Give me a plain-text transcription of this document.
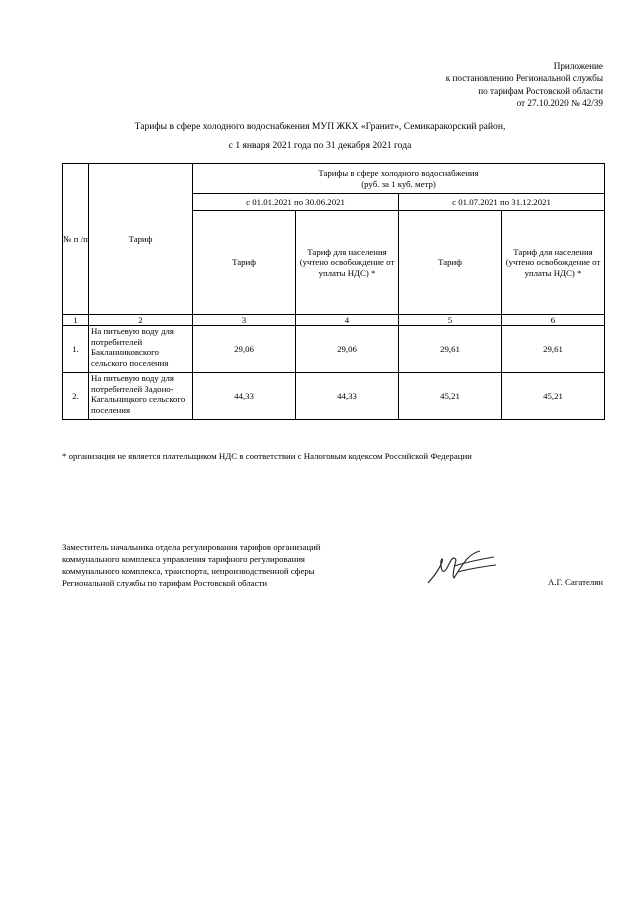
Приложение
к постановлению Региональной службы
по тарифам Ростовской области
от 27.10.2020 № 42/39
Тарифы в сфере холодного водоснабжения МУП ЖКХ «Гранит», Семикаракорский район,
с 1 января 2021 года по 31 декабря 2021 года
№ п /п	Тариф	Тарифы в сфере холодного водоснабжения
(руб. за 1 куб. метр)			

		с 01.01.2021 по 30.06.2021		с 01.07.2021 по 31.12.2021	
		Тариф	Тариф для населения (учтено освобождение от уплаты НДС) *	Тариф	Тариф для населения (учтено освобождение от уплаты НДС) *
1	2	3	4	5	6
1.	На питьевую воду для потребителей Бакланниковского сельского поселения	29,06	29,06	29,61	29,61
2.	На питьевую воду для потребителей Задоно-Кагальницкого сельского поселения	44,33	44,33	45,21	45,21
* организация не является плательщиком НДС в соответствии с Налоговым кодексом Российской Федерации
Заместитель начальника отдела регулирования тарифов организаций
коммунального комплекса управления тарифного регулирования
коммунального комплекса, транспорта, непроизводственной сферы
Региональной службы по тарифам Ростовской области	А.Г. Сагателян
